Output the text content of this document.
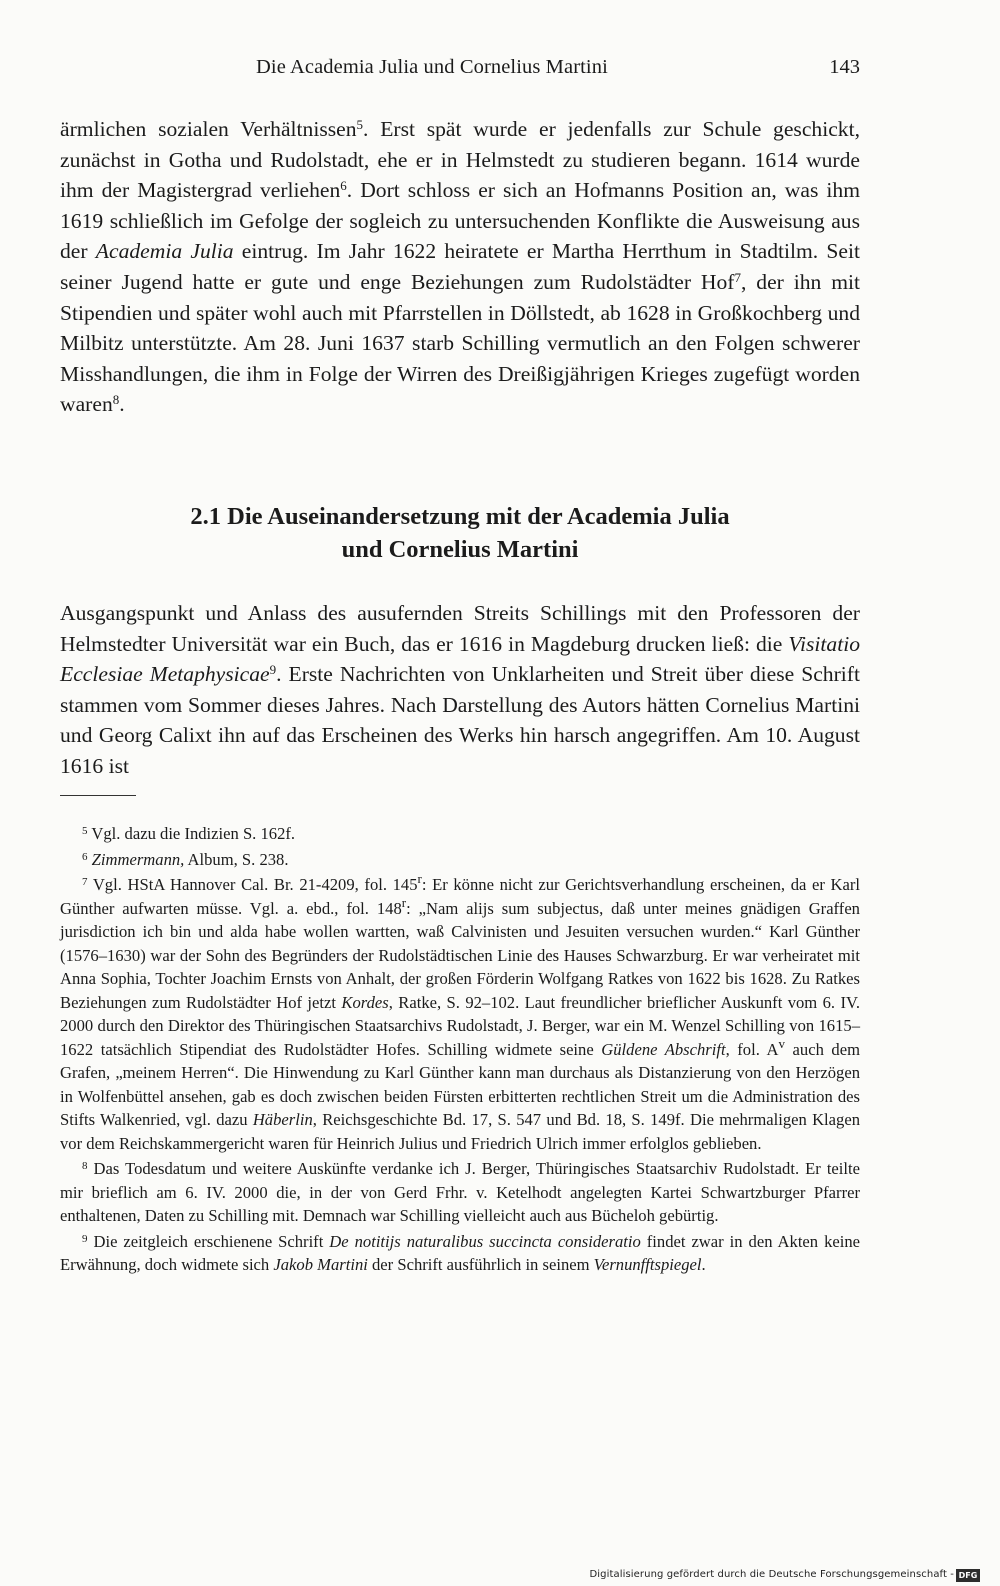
Die Academia Julia und Cornelius Martini	143

ärmlichen sozialen Verhältnissen$^5$. Erst spät wurde er jedenfalls zur Schule geschickt, zunächst in Gotha und Rudolstadt, ehe er in Helmstedt zu studieren begann. 1614 wurde ihm der Magistergrad verliehen$^6$. Dort schloss er sich an Hofmanns Position an, was ihm 1619 schließlich im Gefolge der sogleich zu untersuchenden Konflikte die Ausweisung aus der Academia Julia eintrug. Im Jahr 1622 heiratete er Martha Herrthum in Stadtilm. Seit seiner Jugend hatte er gute und enge Beziehungen zum Rudolstädter Hof$^7$, der ihn mit Stipendien und später wohl auch mit Pfarrstellen in Döllstedt, ab 1628 in Großkochberg und Milbitz unterstützte. Am 28. Juni 1637 starb Schilling vermutlich an den Folgen schwerer Misshandlungen, die ihm in Folge der Wirren des Dreißigjährigen Krieges zugefügt worden waren$^8$.

2.1 Die Auseinandersetzung mit der Academia Julia
und Cornelius Martini

Ausgangspunkt und Anlass des ausufernden Streits Schillings mit den Professoren der Helmstedter Universität war ein Buch, das er 1616 in Magdeburg drucken ließ: die Visitatio Ecclesiae Metaphysicae$^9$. Erste Nachrichten von Unklarheiten und Streit über diese Schrift stammen vom Sommer dieses Jahres. Nach Darstellung des Autors hätten Cornelius Martini und Georg Calixt ihn auf das Erscheinen des Werks hin harsch angegriffen. Am 10. August 1616 ist

$^5$ Vgl. dazu die Indizien S. 162f.

$^6$ Zimmermann, Album, S. 238.

$^7$ Vgl. HStA Hannover Cal. Br. 21-4209, fol. 145$^r$: Er könne nicht zur Gerichtsverhandlung erscheinen, da er Karl Günther aufwarten müsse. Vgl. a. ebd., fol. 148$^r$: „Nam alijs sum subjectus, daß unter meines gnädigen Graffen jurisdiction ich bin und alda habe wollen wartten, waß Calvinisten und Jesuiten versuchen wurden.“ Karl Günther (1576–1630) war der Sohn des Begründers der Rudolstädtischen Linie des Hauses Schwarzburg. Er war verheiratet mit Anna Sophia, Tochter Joachim Ernsts von Anhalt, der großen Förderin Wolfgang Ratkes von 1622 bis 1628. Zu Ratkes Beziehungen zum Rudolstädter Hof jetzt Kordes, Ratke, S. 92–102. Laut freundlicher brieflicher Auskunft vom 6. IV. 2000 durch den Direktor des Thüringischen Staatsarchivs Rudolstadt, J. Berger, war ein M. Wenzel Schilling von 1615–1622 tatsächlich Stipendiat des Rudolstädter Hofes. Schilling widmete seine Güldene Abschrift, fol. $A^v$ auch dem Grafen, „meinem Herren“. Die Hinwendung zu Karl Günther kann man durchaus als Distanzierung von den Herzögen in Wolfenbüttel ansehen, gab es doch zwischen beiden Fürsten erbitterten rechtlichen Streit um die Administration des Stifts Walkenried, vgl. dazu Häberlin, Reichsgeschichte Bd. 17, S. 547 und Bd. 18, S. 149f. Die mehrmaligen Klagen vor dem Reichskammergericht waren für Heinrich Julius und Friedrich Ulrich immer erfolglos geblieben.

$^8$ Das Todesdatum und weitere Auskünfte verdanke ich J. Berger, Thüringisches Staatsarchiv Rudolstadt. Er teilte mir brieflich am 6. IV. 2000 die, in der von Gerd Frhr. v. Ketelhodt angelegten Kartei Schwartzburger Pfarrer enthaltenen, Daten zu Schilling mit. Demnach war Schilling vielleicht auch aus Bücheloh gebürtig.

$^9$ Die zeitgleich erschienene Schrift De notitijs naturalibus succincta consideratio findet zwar in den Akten keine Erwähnung, doch widmete sich Jakob Martini der Schrift ausführlich in seinem Vernunfftspiegel.

Digitalisierung gefördert durch die Deutsche Forschungsgemeinschaft - DFG
